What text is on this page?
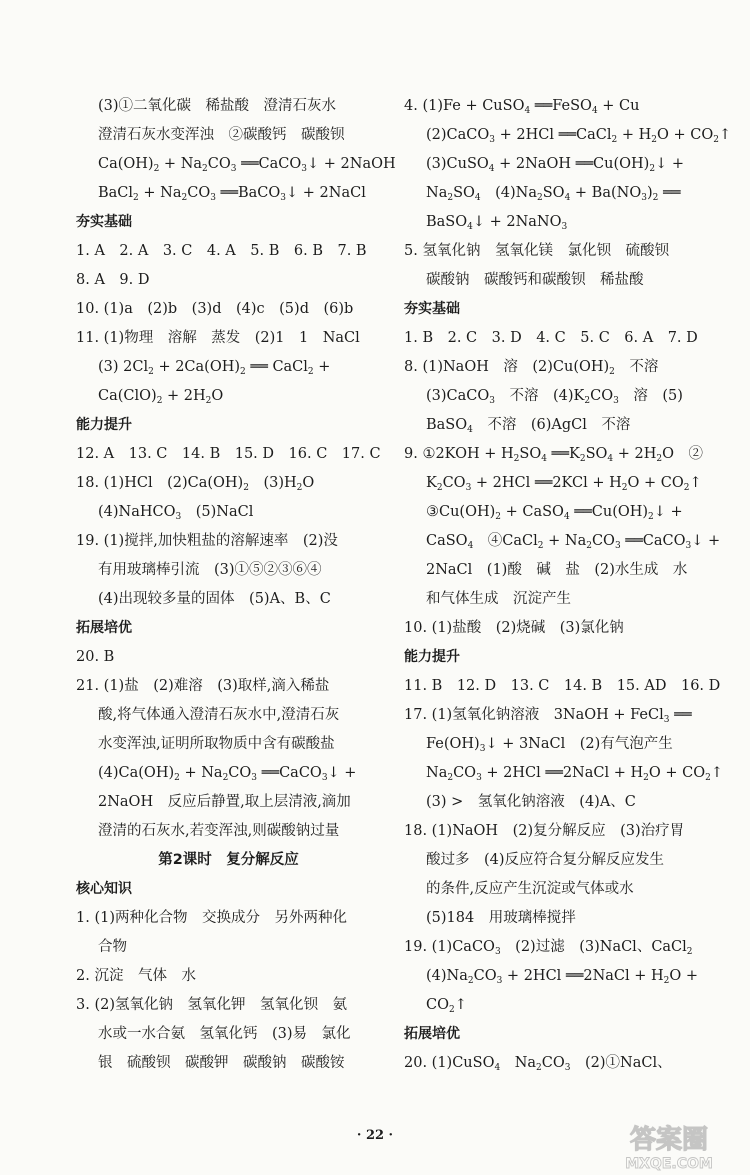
(3)①二氧化碳　稀盐酸　澄清石灰水
澄清石灰水变浑浊　②碳酸钙　碳酸钡
$Ca(OH)_2 + Na_2CO_3$ ══CaCO$_3$↓ + 2NaOH
BaCl$_2$ + $Na_2CO_3$ ══BaCO$_3$↓ + 2NaCl
夯实基础
1. A　2. A　3. C　4. A　5. B　6. B　7. B
8. A　9. D
10. (1)a　(2)b　(3)d　(4)c　(5)d　(6)b
11. (1)物理　溶解　蒸发　(2)1　1　NaCl
(3) $2Cl_2 + 2Ca(OH)_2$ ══ CaCl$_2$ +
$Ca(ClO)_2 + 2H_2O$
能力提升
12. A　13. C　14. B　15. D　16. C　17. C
18. (1)HCl　$(2)Ca(OH)_2$　$(3)H_2O$
(4)NaHCO$_3$　(5)NaCl
19. (1)搅拌,加快粗盐的溶解速率　(2)没
有用玻璃棒引流　(3)①⑤②③⑥④
(4)出现较多量的固体　(5)A、B、C
拓展培优
20. B
21. (1)盐　(2)难溶　(3)取样,滴入稀盐
酸,将气体通入澄清石灰水中,澄清石灰
水变浑浊,证明所取物质中含有碳酸盐
$(4)Ca(OH)_2 + Na_2CO_3$ ══CaCO$_3$↓ +
2NaOH　反应后静置,取上层清液,滴加
澄清的石灰水,若变浑浊,则碳酸钠过量
第2课时　复分解反应
核心知识
1. (1)两种化合物　交换成分　另外两种化
合物
2. 沉淀　气体　水
3. (2)氢氧化钠　氢氧化钾　氢氧化钡　氨
水或一水合氨　氢氧化钙　(3)易　氯化
银　硫酸钡　碳酸钾　碳酸钠　碳酸铵
4. (1)Fe + CuSO$_4$ ══FeSO$_4$ + Cu
(2)CaCO$_3$ + 2HCl ══CaCl$_2$ + $H_2O$ + $CO_2↑$
(3)CuSO$_4$ + 2NaOH $══Cu(OH)_2↓$ +
$Na_2SO_4$　$(4)Na_2SO_4 + Ba(NO_3)_2$ ══
BaSO$_4$↓ + 2NaNO$_3$
5. 氢氧化钠　氢氧化镁　氯化钡　硫酸钡
碳酸钠　碳酸钙和碳酸钡　稀盐酸
夯实基础
1. B　2. C　3. D　4. C　5. C　6. A　7. D
8. (1)NaOH　溶　$(2)Cu(OH)_2$　不溶
(3)CaCO$_3$　不溶　$(4)K_2CO_3$　溶　(5)
BaSO$_4$　不溶　(6)AgCl　不溶
9. ①2KOH + $H_2SO_4$ $══K_2SO_4 + 2H_2O$　②
$K_2CO_3 + 2HCl$ ══2KCl + $H_2O$ + $CO_2↑$
$③Cu(OH)_2$ + CaSO$_4$ $══Cu(OH)_2↓$ +
CaSO$_4$　④CaCl$_2$ + $Na_2CO_3$ ══CaCO$_3$↓ +
2NaCl　(1)酸　碱　盐　(2)水生成　水
和气体生成　沉淀产生
10. (1)盐酸　(2)烧碱　(3)氯化钠
能力提升
11. B　12. D　13. C　14. B　15. AD　16. D
17. (1)氢氧化钠溶液　3NaOH + FeCl$_3$ ══
$Fe(OH)_3↓$ + 3NaCl　(2)有气泡产生
$Na_2CO_3 + 2HCl$ ══2NaCl + $H_2O$ + $CO_2↑$
(3) >　氢氧化钠溶液　(4)A、C
18. (1)NaOH　(2)复分解反应　(3)治疗胃
酸过多　(4)反应符合复分解反应发生
的条件,反应产生沉淀或气体或水
(5)184　用玻璃棒搅拌
19. (1)CaCO$_3$　(2)过滤　(3)NaCl、CaCl$_2$
$(4)Na_2CO_3 + 2HCl$ ══2NaCl + $H_2O$ +
$CO_2↑$
拓展培优
20. (1)CuSO$_4$　$Na_2CO_3$　(2)①NaCl、
· 22 ·	答案圈
MXQE.COM
